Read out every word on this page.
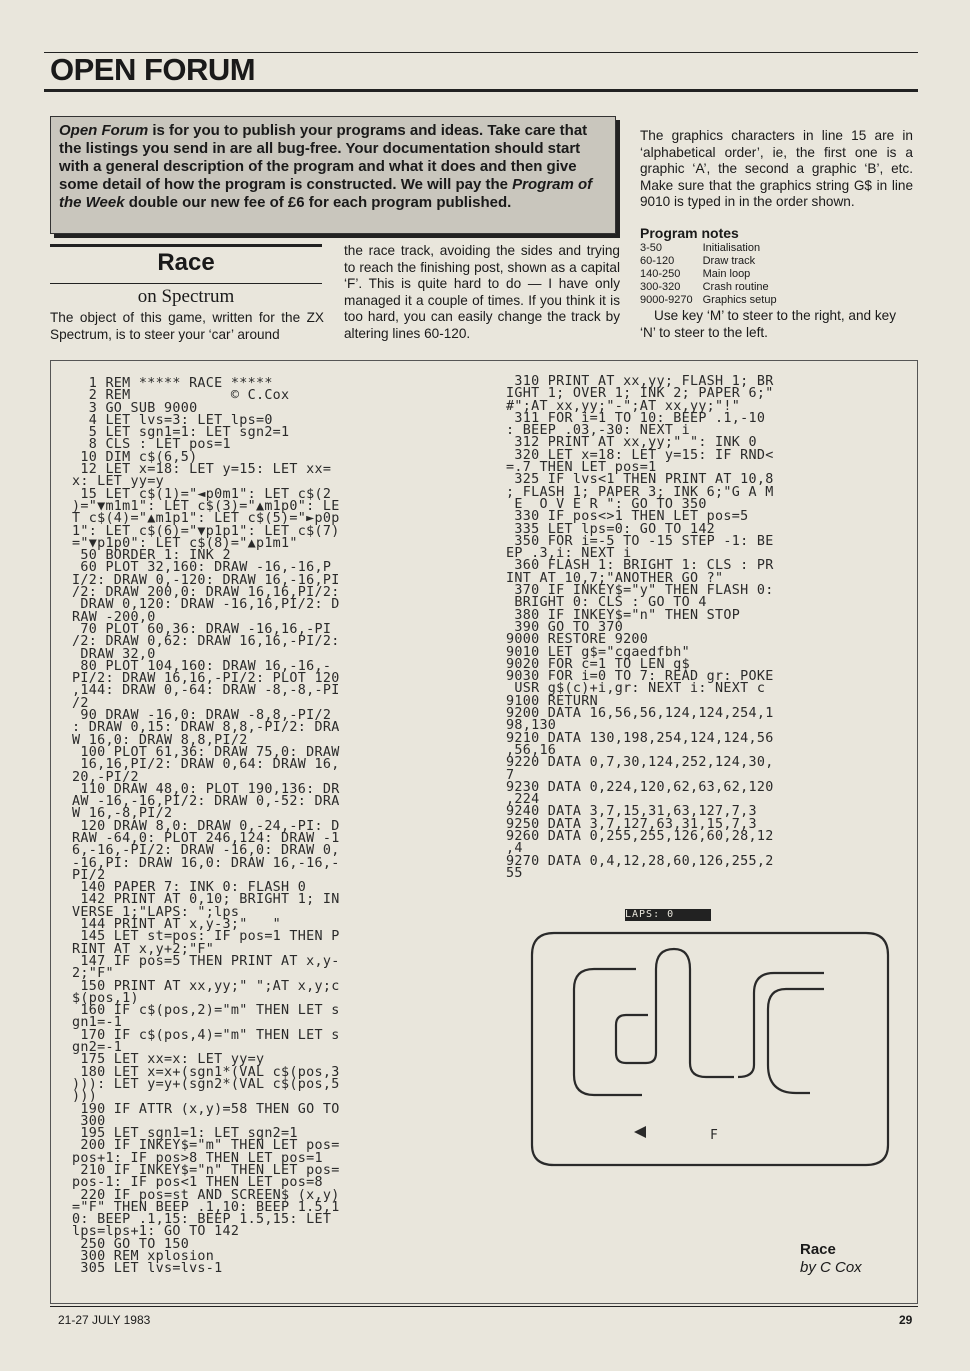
OPEN FORUM
Open Forum is for you to publish your programs and ideas. Take care that the listings you send in are all bug-free. Your documentation should start with a general description of the program and what it does and then give some detail of how the program is constructed. We will pay the Program of the Week double our new fee of £6 for each program published.
The graphics characters in line 15 are in ‘alphabetical order’, ie, the first one is a graphic ‘A’, the second a graphic ‘B’, etc. Make sure that the graphics string G$ in line 9010 is typed in in the order shown.
Program notes
3-50	Initialisation
60-120	Draw track
140-250	Main loop
300-320	Crash routine
9000-9270	Graphics setup
Use key ‘M’ to steer to the right, and key ‘N’ to steer to the left.
Race
on Spectrum
The object of this game, written for the ZX Spectrum, is to steer your ‘car’ around
the race track, avoiding the sides and trying to reach the finishing post, shown as a capital ‘F’. This is quite hard to do — I have only managed it a couple of times. If you think it is too hard, you can easily change the track by altering lines 60-120.
1 REM ***** RACE *****
2 REM            © C.Cox
3 GO SUB 9000
4 LET lvs=3: LET lps=0
5 LET sgn1=1: LET sgn2=1
8 CLS : LET pos=1
10 DIM c$(6,5)
12 LET x=18: LET y=15: LET xx=
x: LET yy=y
15 LET c$(1)="◄p0m1": LET c$(2
)="▼m1m1": LET c$(3)="▲m1p0": LE
T c$(4)="▲m1p1": LET c$(5)="►p0p
1": LET c$(6)="▼p1p1": LET c$(7)
="▼p1p0": LET c$(8)="▲p1m1"
50 BORDER 1: INK 2
60 PLOT 32,160: DRAW -16,-16,P
I/2: DRAW 0,-120: DRAW 16,-16,PI
/2: DRAW 200,0: DRAW 16,16,PI/2:
DRAW 0,120: DRAW -16,16,PI/2: D
RAW -200,0
70 PLOT 60,36: DRAW -16,16,-PI
/2: DRAW 0,62: DRAW 16,16,-PI/2:
DRAW 32,0
80 PLOT 104,160: DRAW 16,-16,-
PI/2: DRAW 16,16,-PI/2: PLOT 120
,144: DRAW 0,-64: DRAW -8,-8,-PI
/2
90 DRAW -16,0: DRAW -8,8,-PI/2
: DRAW 0,15: DRAW 8,8,-PI/2: DRA
W 16,0: DRAW 8,8,PI/2
100 PLOT 61,36: DRAW 75,0: DRAW
16,16,PI/2: DRAW 0,64: DRAW 16,
20,-PI/2
110 DRAW 48,0: PLOT 190,136: DR
AW -16,-16,PI/2: DRAW 0,-52: DRA
W 16,-8,PI/2
120 DRAW 8,0: DRAW 0,-24,-PI: D
RAW -64,0: PLOT 246,124: DRAW -1
6,-16,-PI/2: DRAW -16,0: DRAW 0,
-16,PI: DRAW 16,0: DRAW 16,-16,-
PI/2
140 PAPER 7: INK 0: FLASH 0
142 PRINT AT 0,10; BRIGHT 1; IN
VERSE 1;"LAPS: ";lps
144 PRINT AT x,y-3;"   "
145 LET st=pos: IF pos=1 THEN P
RINT AT x,y+2;"F"
147 IF pos=5 THEN PRINT AT x,y-
2;"F"
150 PRINT AT xx,yy;" ";AT x,y;c
$(pos,1)
160 IF c$(pos,2)="m" THEN LET s
gn1=-1
170 IF c$(pos,4)="m" THEN LET s
gn2=-1
175 LET xx=x: LET yy=y
180 LET x=x+(sgn1*(VAL c$(pos,3
))): LET y=y+(sgn2*(VAL c$(pos,5
)))
190 IF ATTR (x,y)=58 THEN GO TO
300
195 LET sgn1=1: LET sgn2=1
200 IF INKEY$="m" THEN LET pos=
pos+1: IF pos>8 THEN LET pos=1
210 IF INKEY$="n" THEN LET pos=
pos-1: IF pos<1 THEN LET pos=8
220 IF pos=st AND SCREEN$ (x,y)
="F" THEN BEEP .1,10: BEEP 1.5,1
0: BEEP .1,15: BEEP 1.5,15: LET
lps=lps+1: GO TO 142
250 GO TO 150
300 REM xplosion
305 LET lvs=lvs-1
310 PRINT AT xx,yy; FLASH 1; BR
IGHT 1; OVER 1; INK 2; PAPER 6;"
#";AT xx,yy;"-";AT xx,yy;"!"
311 FOR i=1 TO 10: BEEP .1,-10
: BEEP .03,-30: NEXT i
312 PRINT AT xx,yy;" ": INK 0
320 LET x=18: LET y=15: IF RND<
=.7 THEN LET pos=1
325 IF lvs<1 THEN PRINT AT 10,8
; FLASH 1; PAPER 3; INK 6;"G A M
E  O V E R ": GO TO 350
330 IF pos<>1 THEN LET pos=5
335 LET lps=0: GO TO 142
350 FOR i=-5 TO -15 STEP -1: BE
EP .3,i: NEXT i
360 FLASH 1: BRIGHT 1: CLS : PR
INT AT 10,7;"ANOTHER GO ?"
370 IF INKEY$="y" THEN FLASH 0:
BRIGHT 0: CLS : GO TO 4
380 IF INKEY$="n" THEN STOP
390 GO TO 370
9000 RESTORE 9200
9010 LET g$="cgaedfbh"
9020 FOR c=1 TO LEN g$
9030 FOR i=0 TO 7: READ gr: POKE
USR g$(c)+i,gr: NEXT i: NEXT c
9100 RETURN
9200 DATA 16,56,56,124,124,254,1
98,130
9210 DATA 130,198,254,124,124,56
,56,16
9220 DATA 0,7,30,124,252,124,30,
7
9230 DATA 0,224,120,62,63,62,120
,224
9240 DATA 3,7,15,31,63,127,7,3
9250 DATA 3,7,127,63,31,15,7,3
9260 DATA 0,255,255,126,60,28,12
,4
9270 DATA 0,4,12,28,60,126,255,2
55
LAPS: 0
F
Race
by C Cox
21-27 JULY 1983	29
